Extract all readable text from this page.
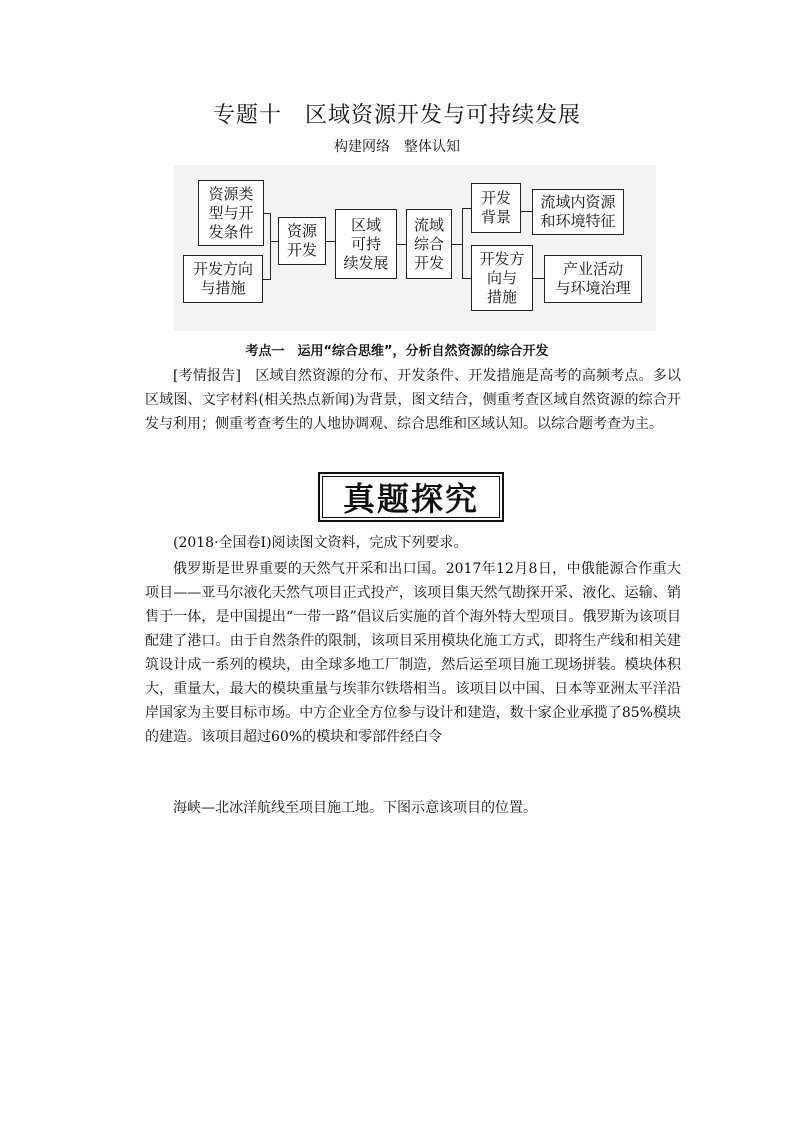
专题十　区域资源开发与可持续发展
构建网络　整体认知
资源类
型与开
发条件
开发方向
与措施
资源
开发
区域
可持
续发展
流域
综合
开发
开发
背景
流域内资源
和环境特征
开发方
向与
措施
产业活动
与环境治理
考点一　运用“综合思维”，分析自然资源的综合开发
[考情报告]　区域自然资源的分布、开发条件、开发措施是高考的高频考点。多以区域图、文字材料(相关热点新闻)为背景，图文结合，侧重考查区域自然资源的综合开发与利用；侧重考查考生的人地协调观、综合思维和区域认知。以综合题考查为主。
真题探究
(2018·全国卷Ⅰ)阅读图文资料，完成下列要求。
俄罗斯是世界重要的天然气开采和出口国。2017年12月8日，中俄能源合作重大项目——亚马尔液化天然气项目正式投产，该项目集天然气勘探开采、液化、运输、销售于一体，是中国提出“一带一路”倡议后实施的首个海外特大型项目。俄罗斯为该项目配建了港口。由于自然条件的限制，该项目采用模块化施工方式，即将生产线和相关建筑设计成一系列的模块，由全球多地工厂制造，然后运至项目施工现场拼装。模块体积大，重量大，最大的模块重量与埃菲尔铁塔相当。该项目以中国、日本等亚洲太平洋沿岸国家为主要目标市场。中方企业全方位参与设计和建造，数十家企业承揽了85%模块的建造。该项目超过60%的模块和零部件经白令
海峡—北冰洋航线至项目施工地。下图示意该项目的位置。
